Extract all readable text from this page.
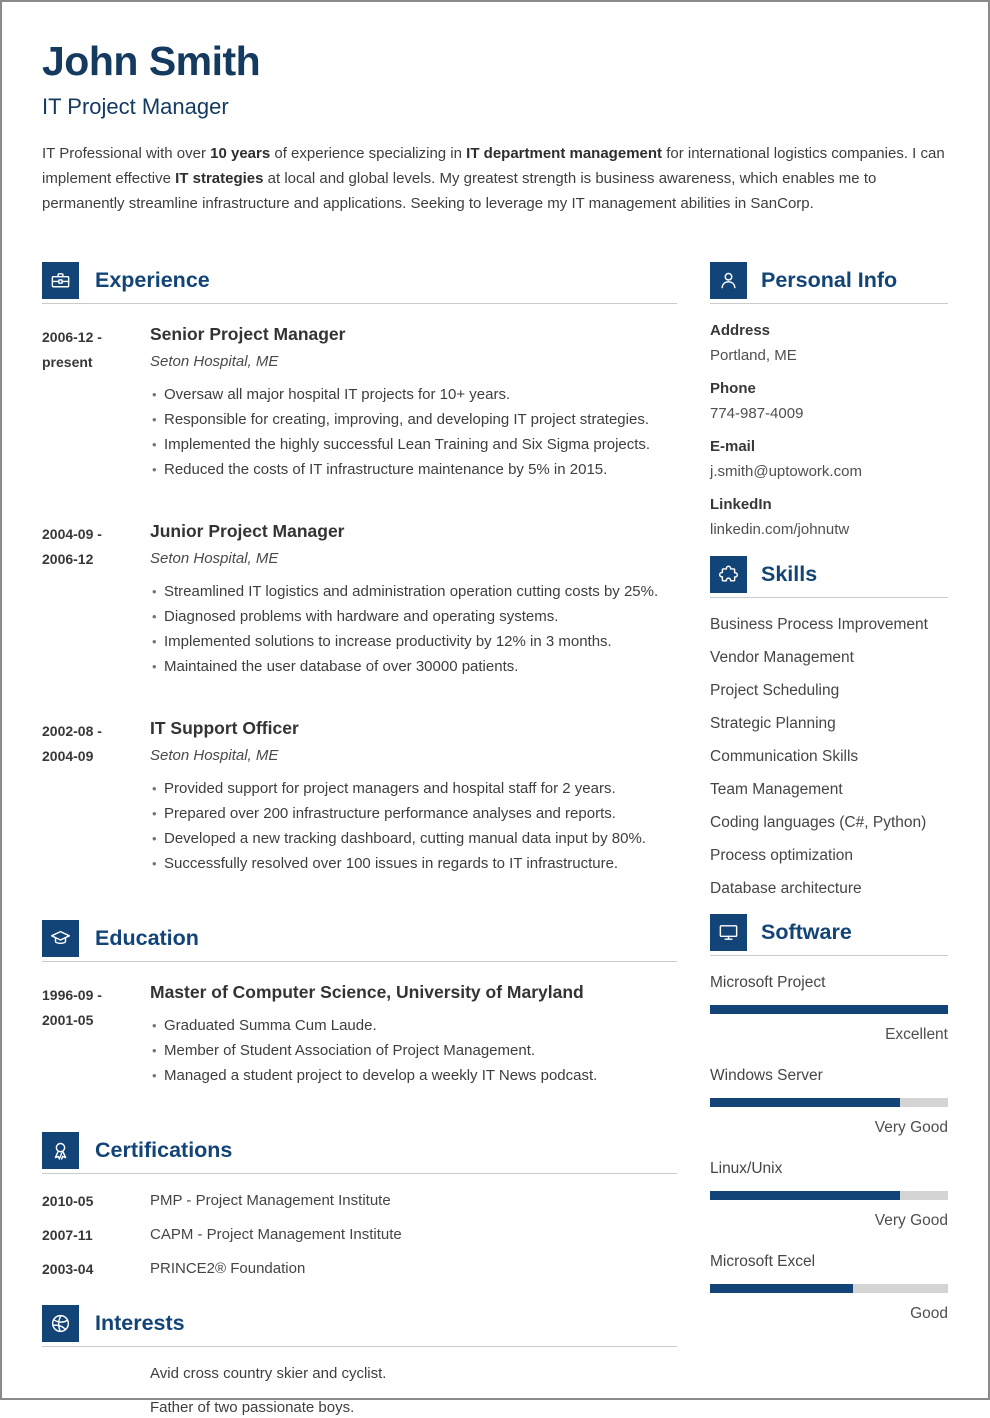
John Smith
IT Project Manager

IT Professional with over 10 years of experience specializing in IT department management for international logistics companies. I can implement effective IT strategies at local and global levels. My greatest strength is business awareness, which enables me to permanently streamline infrastructure and applications. Seeking to leverage my IT management abilities in SanCorp.

Experience
2006-12 -
present
Senior Project Manager
Seton Hospital, ME
• Oversaw all major hospital IT projects for 10+ years.
• Responsible for creating, improving, and developing IT project strategies.
• Implemented the highly successful Lean Training and Six Sigma projects.
• Reduced the costs of IT infrastructure maintenance by 5% in 2015.
2004-09 -
2006-12
Junior Project Manager
Seton Hospital, ME
• Streamlined IT logistics and administration operation cutting costs by 25%.
• Diagnosed problems with hardware and operating systems.
• Implemented solutions to increase productivity by 12% in 3 months.
• Maintained the user database of over 30000 patients.
2002-08 -
2004-09
IT Support Officer
Seton Hospital, ME
• Provided support for project managers and hospital staff for 2 years.
• Prepared over 200 infrastructure performance analyses and reports.
• Developed a new tracking dashboard, cutting manual data input by 80%.
• Successfully resolved over 100 issues in regards to IT infrastructure.
Education
1996-09 -
2001-05
Master of Computer Science, University of Maryland
• Graduated Summa Cum Laude.
• Member of Student Association of Project Management.
• Managed a student project to develop a weekly IT News podcast.
Certifications
2010-05	PMP - Project Management Institute
2007-11	CAPM - Project Management Institute
2003-04	PRINCE2® Foundation
Interests
Avid cross country skier and cyclist.
Father of two passionate boys.
Personal Info
Address
Portland, ME
Phone
774-987-4009
E-mail
j.smith@uptowork.com
LinkedIn
linkedin.com/johnutw
Skills
Business Process Improvement
Vendor Management
Project Scheduling
Strategic Planning
Communication Skills
Team Management
Coding languages (C#, Python)
Process optimization
Database architecture
Software
Microsoft Project
Excellent
Windows Server
Very Good
Linux/Unix
Very Good
Microsoft Excel
Good
